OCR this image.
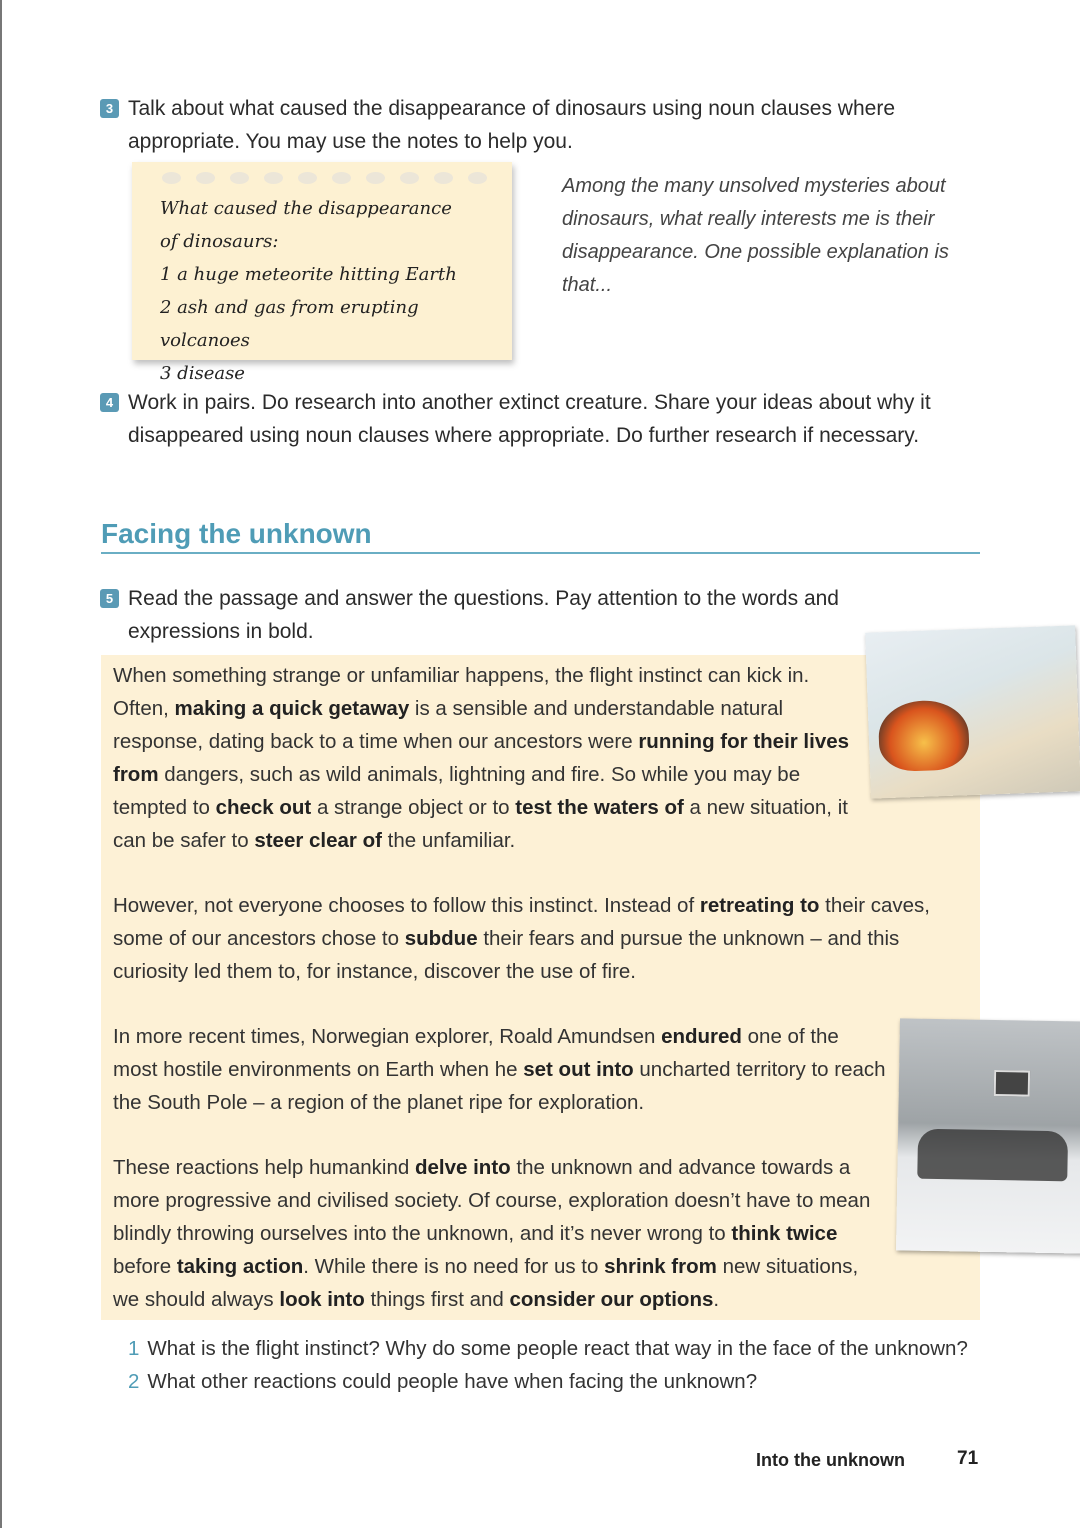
3 Talk about what caused the disappearance of dinosaurs using noun clauses where
appropriate. You may use the notes to help you.
What caused the disappearance
of dinosaurs:
1 a huge meteorite hitting Earth
2 ash and gas from erupting volcanoes
3 disease
Among the many unsolved mysteries about dinosaurs, what really interests me is their disappearance. One possible explanation is that...
4 Work in pairs. Do research into another extinct creature. Share your ideas about why it
disappeared using noun clauses where appropriate. Do further research if necessary.
Facing the unknown
5 Read the passage and answer the questions. Pay attention to the words and
expressions in bold.

When something strange or unfamiliar happens, the flight instinct can kick in. Often, making a quick getaway is a sensible and understandable natural response, dating back to a time when our ancestors were running for their lives from dangers, such as wild animals, lightning and fire. So while you may be tempted to check out a strange object or to test the waters of a new situation, it can be safer to steer clear of the unfamiliar.

However, not everyone chooses to follow this instinct. Instead of retreating to their caves, some of our ancestors chose to subdue their fears and pursue the unknown – and this curiosity led them to, for instance, discover the use of fire.

In more recent times, Norwegian explorer, Roald Amundsen endured one of the most hostile environments on Earth when he set out into uncharted territory to reach the South Pole – a region of the planet ripe for exploration.

These reactions help humankind delve into the unknown and advance towards a more progressive and civilised society. Of course, exploration doesn’t have to mean blindly throwing ourselves into the unknown, and it’s never wrong to think twice before taking action. While there is no need for us to shrink from new situations, we should always look into things first and consider our options.

1 What is the flight instinct? Why do some people react that way in the face of the unknown?
2 What other reactions could people have when facing the unknown?
Into the unknown	71
